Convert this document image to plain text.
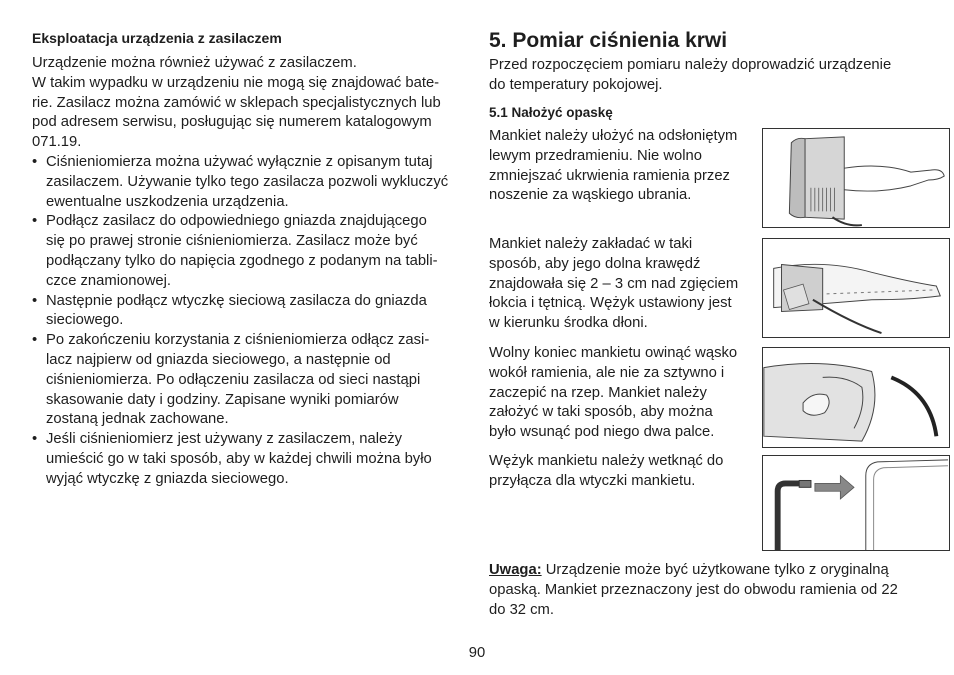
Eksploatacja urządzenia z zasilaczem

Urządzenie można również używać z zasilaczem.
W takim wypadku w urządzeniu nie mogą się znajdować bate-
rie. Zasilacz można zamówić w sklepach specjalistycznych lub
pod adresem serwisu, posługując się numerem katalogowym
071.19.

• Ciśnieniomierza można używać wyłącznie z opisanym tutaj
zasilaczem. Używanie tylko tego zasilacza pozwoli wykluczyć
ewentualne uszkodzenia urządzenia.
• Podłącz zasilacz do odpowiedniego gniazda znajdującego
się po prawej stronie ciśnieniomierza. Zasilacz może być
podłączany tylko do napięcia zgodnego z podanym na tabli-
czce znamionowej.
• Następnie podłącz wtyczkę sieciową zasilacza do gniazda
sieciowego.
• Po zakończeniu korzystania z ciśnieniomierza odłącz zasi-
lacz najpierw od gniazda sieciowego, a następnie od
ciśnieniomierza. Po odłączeniu zasilacza od sieci nastąpi
skasowanie daty i godziny. Zapisane wyniki pomiarów
zostaną jednak zachowane.
• Jeśli ciśnieniomierz jest używany z zasilaczem, należy
umieścić go w taki sposób, aby w każdej chwili można było
wyjąć wtyczkę z gniazda sieciowego.
5. Pomiar ciśnienia krwi

Przed rozpoczęciem pomiaru należy doprowadzić urządzenie
do temperatury pokojowej.

5.1 Nałożyć opaskę

Mankiet należy ułożyć na odsłoniętym
lewym przedramieniu. Nie wolno
zmniejszać ukrwienia ramienia przez
noszenie za wąskiego ubrania.

Mankiet należy zakładać w taki
sposób, aby jego dolna krawędź
znajdowała się 2 – 3 cm nad zgięciem
łokcia i tętnicą. Wężyk ustawiony jest
w kierunku środka dłoni.

Wolny koniec mankietu owinąć wąsko
wokół ramienia, ale nie za sztywno i
zaczepić na rzep. Mankiet należy
założyć w taki sposób, aby można
było wsunąć pod niego dwa palce.

Wężyk mankietu należy wetknąć do
przyłącza dla wtyczki mankietu.

Uwaga: Urządzenie może być użytkowane tylko z oryginalną
opaską. Mankiet przeznaczony jest do obwodu ramienia od 22
do 32 cm.

90
